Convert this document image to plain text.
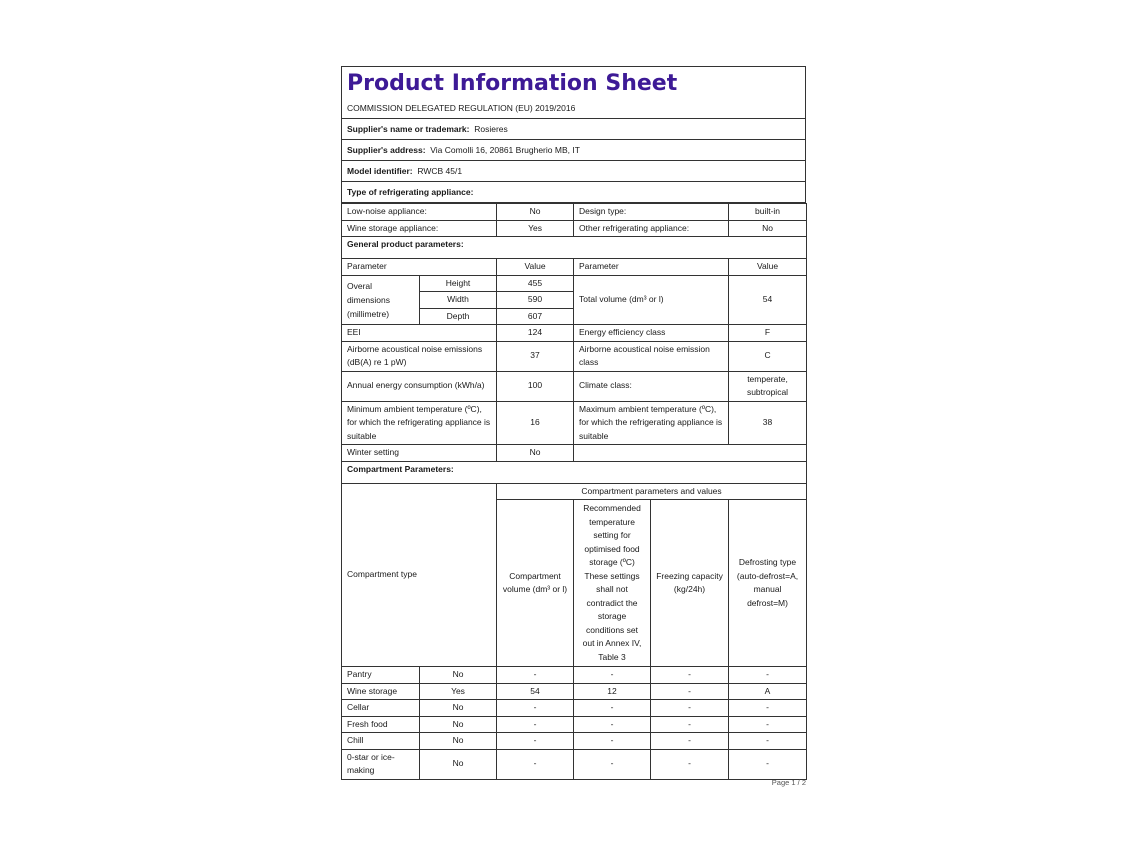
Product Information Sheet
COMMISSION DELEGATED REGULATION (EU) 2019/2016
Supplier's name or trademark: Rosieres
Supplier's address: Via Comolli 16, 20861 Brugherio MB, IT
Model identifier: RWCB 45/1
Type of refrigerating appliance:
Low-noise appliance:		No	Design type:		built-in
Wine storage appliance:		Yes	Other refrigerating appliance:		No
General product parameters:					
Parameter		Value	Parameter		Value
Overal dimensions (millimetre)	Height	455	Total volume (dm³ or l)		54
	Width	590			
	Depth	607			
EEI		124	Energy efficiency class		F
Airborne acoustical noise emissions (dB(A) re 1 pW)		37	Airborne acoustical noise emission class		C
Annual energy consumption (kWh/a)		100	Climate class:		temperate, subtropical
Minimum ambient temperature (ºC), for which the refrigerating appliance is suitable		16	Maximum ambient temperature (ºC), for which the refrigerating appliance is suitable		38
Winter setting		No			
Compartment Parameters:					
Compartment type		Compartment parameters and values			
		Compartment volume (dm³ or l)	Recommended temperature setting for optimised food storage (ºC) These settings shall not contradict the storage conditions set out in Annex IV, Table 3	Freezing capacity (kg/24h)	Defrosting type (auto-defrost=A, manual defrost=M)
Pantry	No	-	-	-	-
Wine storage	Yes	54	12	-	A
Cellar	No	-	-	-	-
Fresh food	No	-	-	-	-
Chill	No	-	-	-	-
0-star or ice-making	No	-	-	-	-
Page 1 / 2
